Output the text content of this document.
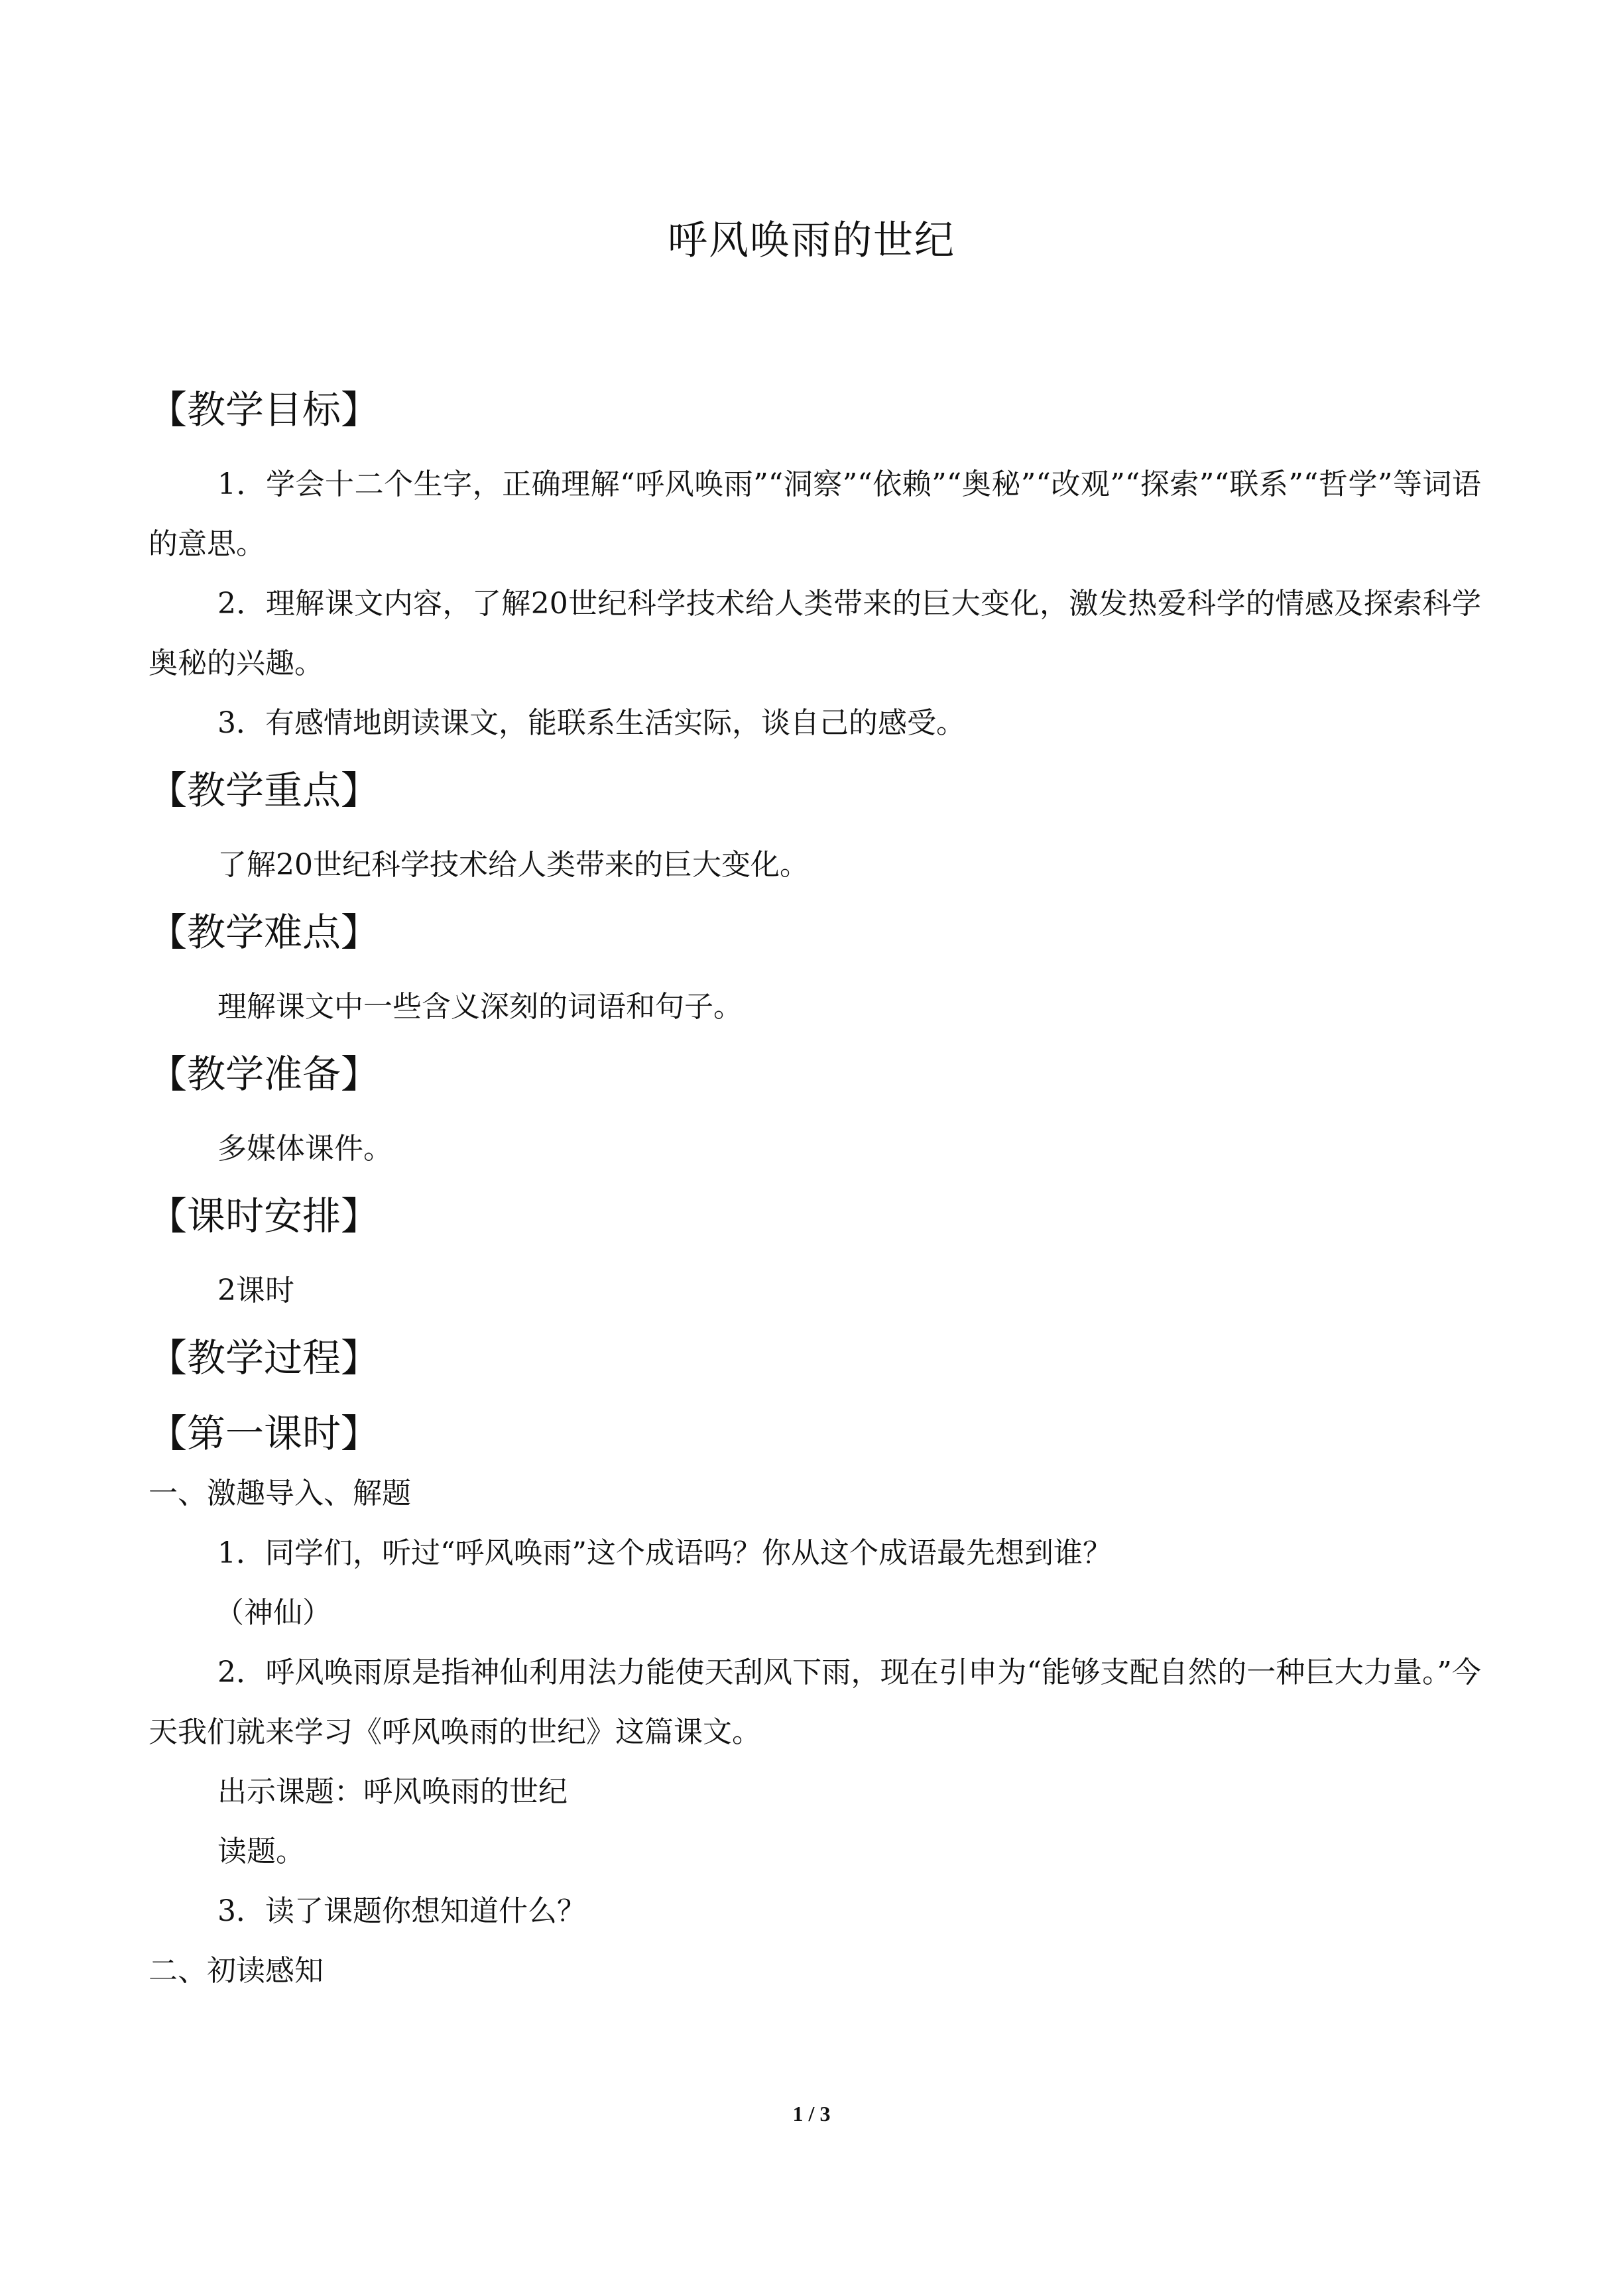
呼风唤雨的世纪

【教学目标】

1．学会十二个生字，正确理解“呼风唤雨”“洞察”“依赖”“奥秘”“改观”“探索”“联系”“哲学”等词语的意思。

2．理解课文内容，了解20世纪科学技术给人类带来的巨大变化，激发热爱科学的情感及探索科学奥秘的兴趣。

3．有感情地朗读课文，能联系生活实际，谈自己的感受。

【教学重点】

了解20世纪科学技术给人类带来的巨大变化。

【教学难点】

理解课文中一些含义深刻的词语和句子。

【教学准备】

多媒体课件。

【课时安排】

2课时

【教学过程】

【第一课时】

一、激趣导入、解题

1．同学们，听过“呼风唤雨”这个成语吗？你从这个成语最先想到谁？

（神仙）

2．呼风唤雨原是指神仙利用法力能使天刮风下雨，现在引申为“能够支配自然的一种巨大力量。”今天我们就来学习《呼风唤雨的世纪》这篇课文。

出示课题：呼风唤雨的世纪

读题。

3．读了课题你想知道什么？

二、初读感知

1 / 3
